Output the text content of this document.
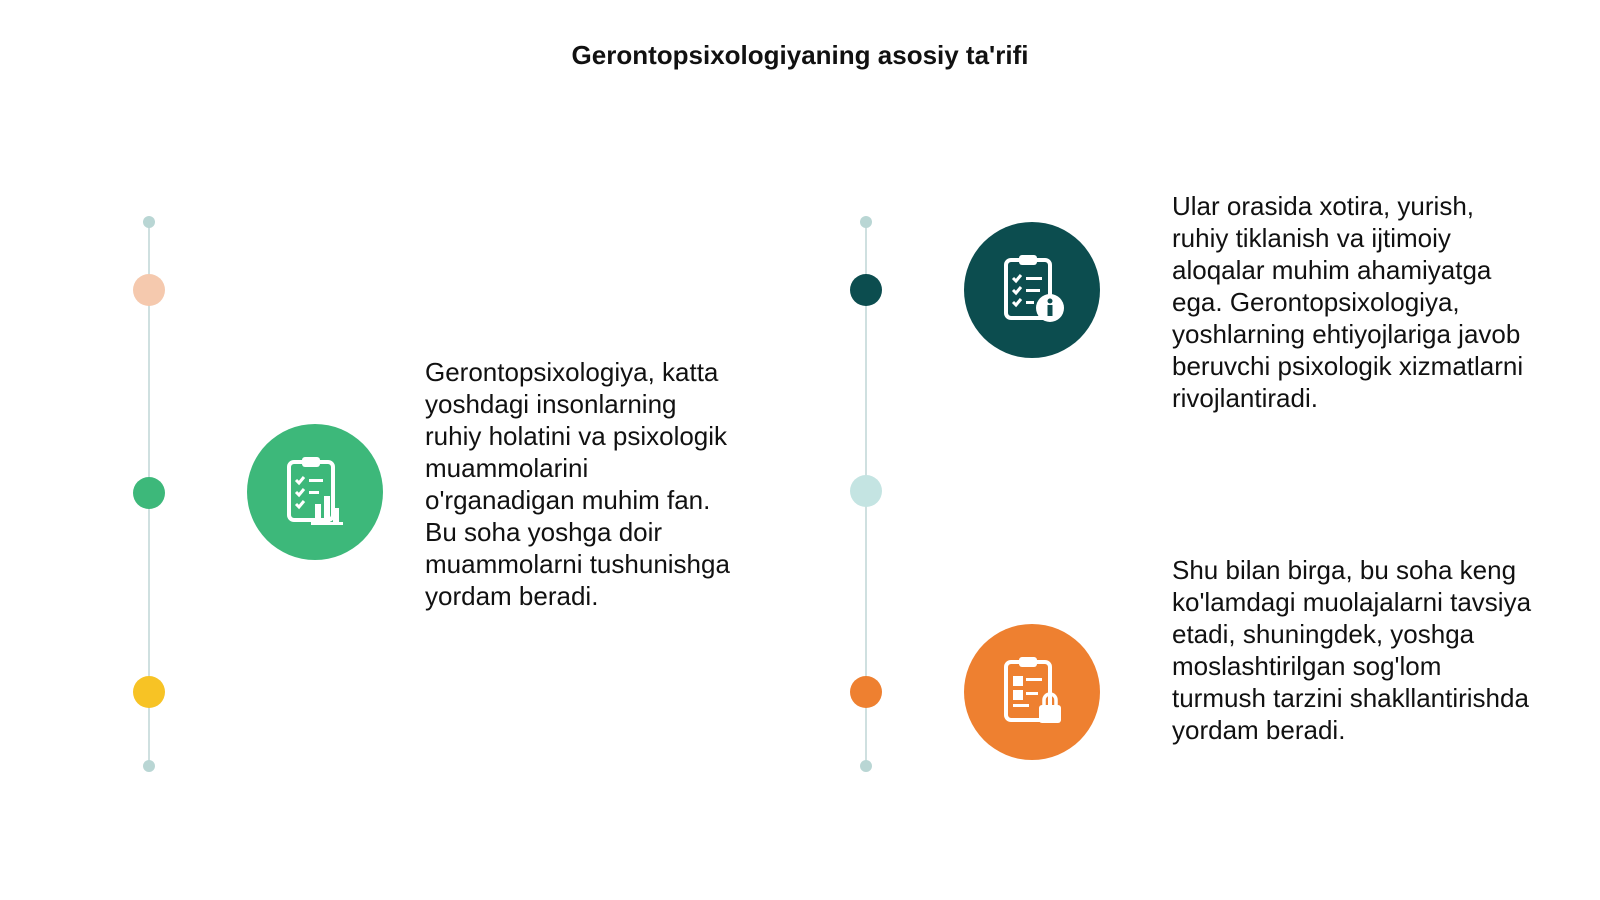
Gerontopsixologiyaning asosiy ta'rifi
Gerontopsixologiya, katta yoshdagi insonlarning ruhiy holatini va psixologik muammolarini o'rganadigan muhim fan. Bu soha yoshga doir muammolarni tushunishga yordam beradi.
Ular orasida xotira, yurish, ruhiy tiklanish va ijtimoiy aloqalar muhim ahamiyatga ega. Gerontopsixologiya, yoshlarning ehtiyojlariga javob beruvchi psixologik xizmatlarni rivojlantiradi.
Shu bilan birga, bu soha keng ko'lamdagi muolajalarni tavsiya etadi, shuningdek, yoshga moslashtirilgan sog'lom turmush tarzini shakllantirishda yordam beradi.
